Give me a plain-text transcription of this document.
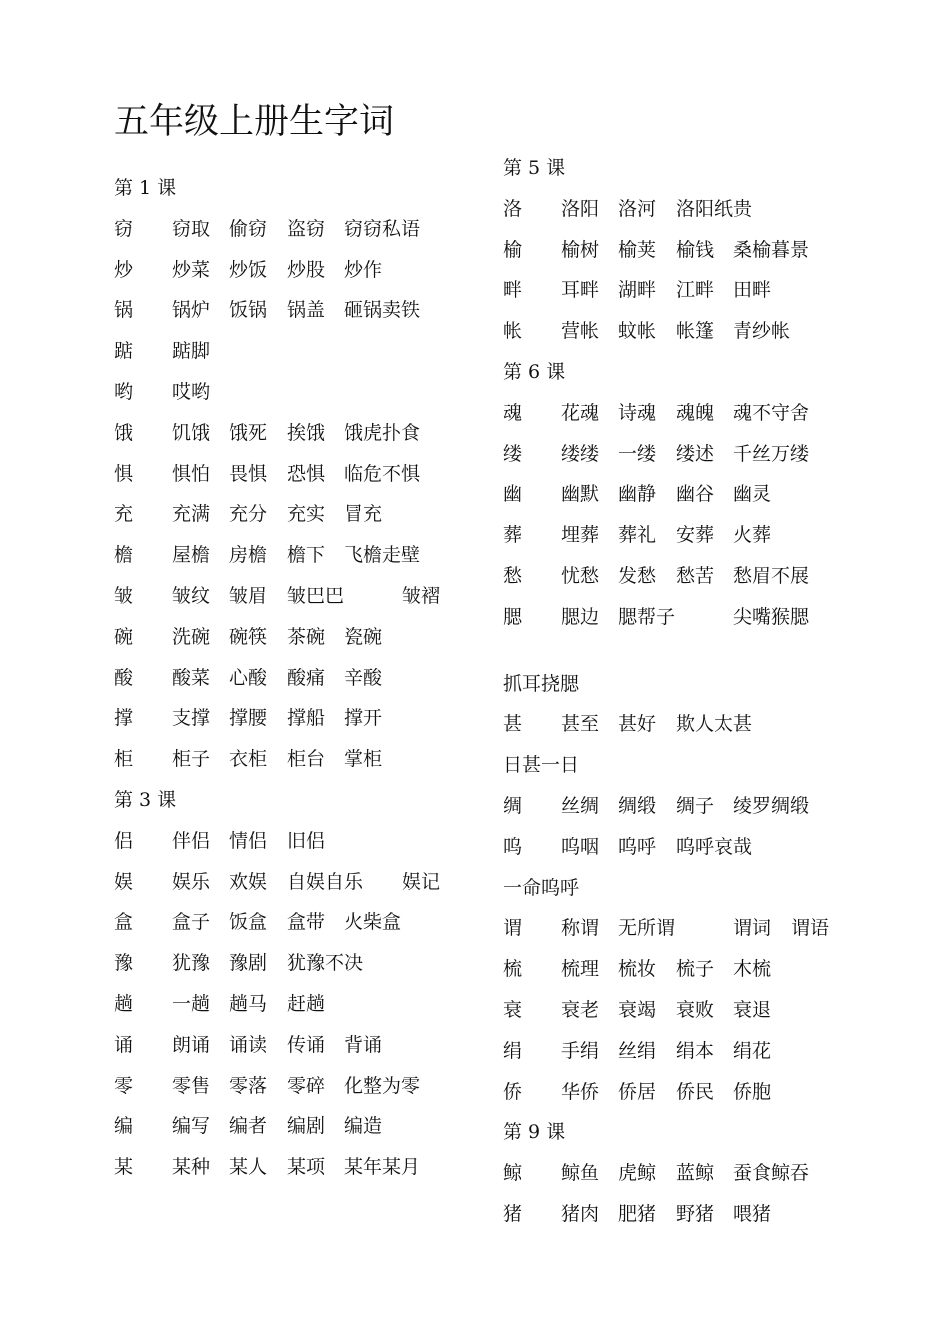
五年级上册生字词
第 1 课
窃 窃取 偷窃 盗窃 窃窃私语
炒 炒菜 炒饭 炒股 炒作
锅 锅炉 饭锅 锅盖 砸锅卖铁
踮 踮脚
哟 哎哟
饿 饥饿 饿死 挨饿 饿虎扑食
惧 惧怕 畏惧 恐惧 临危不惧
充 充满 充分 充实 冒充
檐 屋檐 房檐 檐下 飞檐走壁
皱 皱纹 皱眉 皱巴巴	皱褶
碗 洗碗 碗筷 茶碗 瓷碗
酸 酸菜 心酸 酸痛 辛酸
撑 支撑 撑腰 撑船 撑开
柜 柜子 衣柜 柜台 掌柜
第 3 课
侣 伴侣 情侣 旧侣
娱 娱乐 欢娱 自娱自乐 娱记
盒 盒子 饭盒 盒带 火柴盒
豫 犹豫 豫剧 犹豫不决
趟 一趟 趟马 赶趟
诵 朗诵 诵读 传诵 背诵
零 零售 零落 零碎 化整为零
编 编写 编者 编剧 编造
某 某种 某人 某项 某年某月
第 5 课
洛 洛阳 洛河 洛阳纸贵
榆 榆树 榆荚 榆钱 桑榆暮景
畔 耳畔 湖畔 江畔 田畔
帐 营帐 蚊帐 帐篷 青纱帐
第 6 课
魂 花魂 诗魂 魂魄 魂不守舍
缕 缕缕 一缕 缕述 千丝万缕
幽 幽默 幽静 幽谷 幽灵
葬 埋葬 葬礼 安葬 火葬
愁 忧愁 发愁 愁苦 愁眉不展
腮 腮边 腮帮子	尖嘴猴腮
抓耳挠腮
甚 甚至 甚好 欺人太甚
日甚一日
绸 丝绸 绸缎 绸子 绫罗绸缎
呜 呜咽 呜呼 呜呼哀哉
一命呜呼
谓 称谓 无所谓	谓词 谓语
梳 梳理 梳妆 梳子 木梳
衰 衰老 衰竭 衰败 衰退
绢 手绢 丝绢 绢本 绢花
侨 华侨 侨居 侨民 侨胞
第 9 课
鲸 鲸鱼 虎鲸 蓝鲸 蚕食鲸吞
猪 猪肉 肥猪 野猪 喂猪
